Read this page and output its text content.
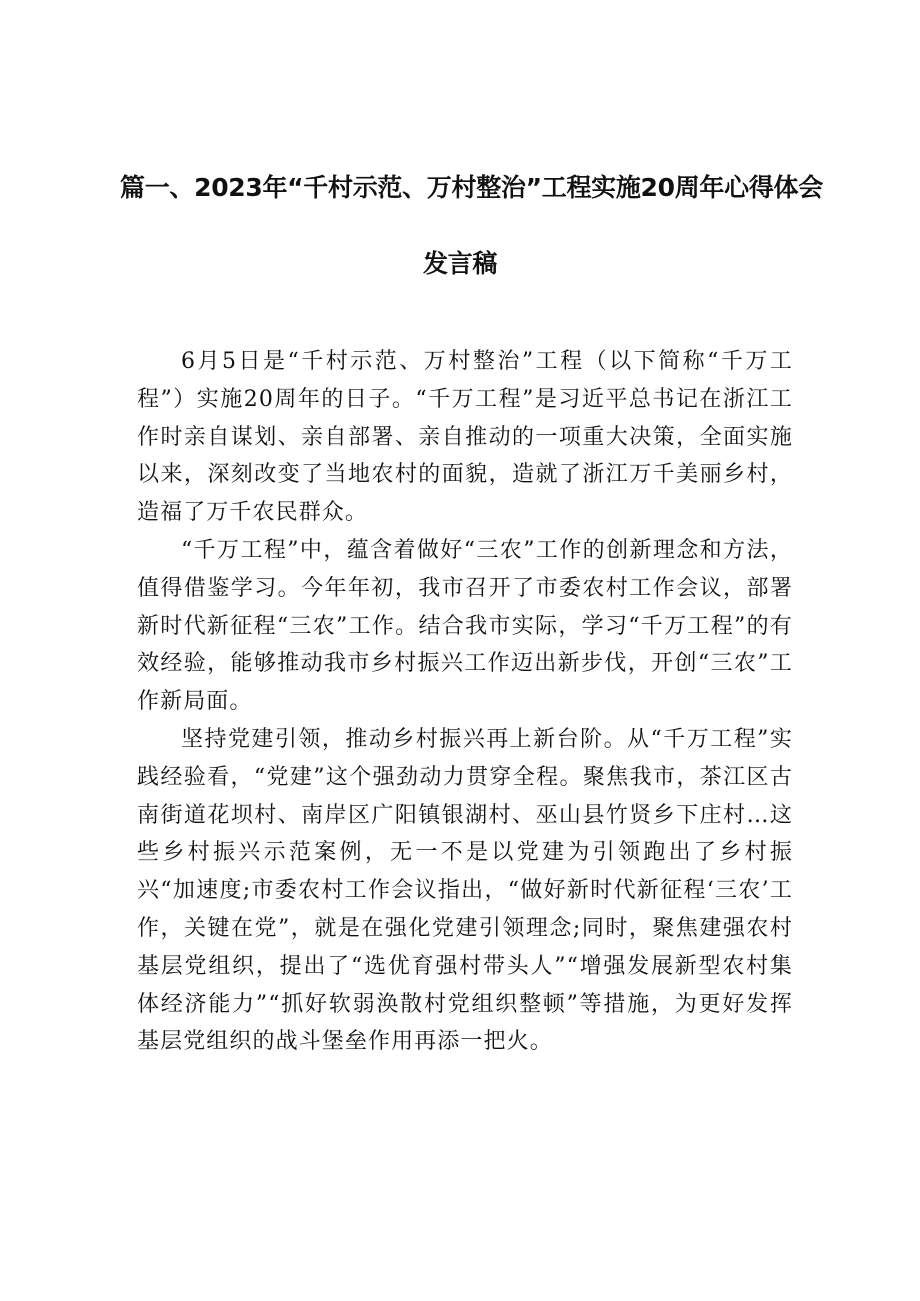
篇一、2023年“千村示范、万村整治”工程实施20周年心得体会
发言稿

6月5日是“千村示范、万村整治”工程（以下简称“千万工程”）实施20周年的日子。“千万工程”是习近平总书记在浙江工作时亲自谋划、亲自部署、亲自推动的一项重大决策，全面实施以来，深刻改变了当地农村的面貌，造就了浙江万千美丽乡村，造福了万千农民群众。

“千万工程”中，蕴含着做好“三农”工作的创新理念和方法，值得借鉴学习。今年年初，我市召开了市委农村工作会议，部署新时代新征程“三农”工作。结合我市实际，学习“千万工程”的有效经验，能够推动我市乡村振兴工作迈出新步伐，开创“三农”工作新局面。

坚持党建引领，推动乡村振兴再上新台阶。从“千万工程”实践经验看，“党建”这个强劲动力贯穿全程。聚焦我市，茶江区古南街道花坝村、南岸区广阳镇银湖村、巫山县竹贤乡下庄村…这些乡村振兴示范案例，无一不是以党建为引领跑出了乡村振兴“加速度;市委农村工作会议指出，“做好新时代新征程‘三农’工作，关键在党”，就是在强化党建引领理念;同时，聚焦建强农村基层党组织，提出了“选优育强村带头人”“增强发展新型农村集体经济能力”“抓好软弱涣散村党组织整顿”等措施，为更好发挥基层党组织的战斗堡垒作用再添一把火。
